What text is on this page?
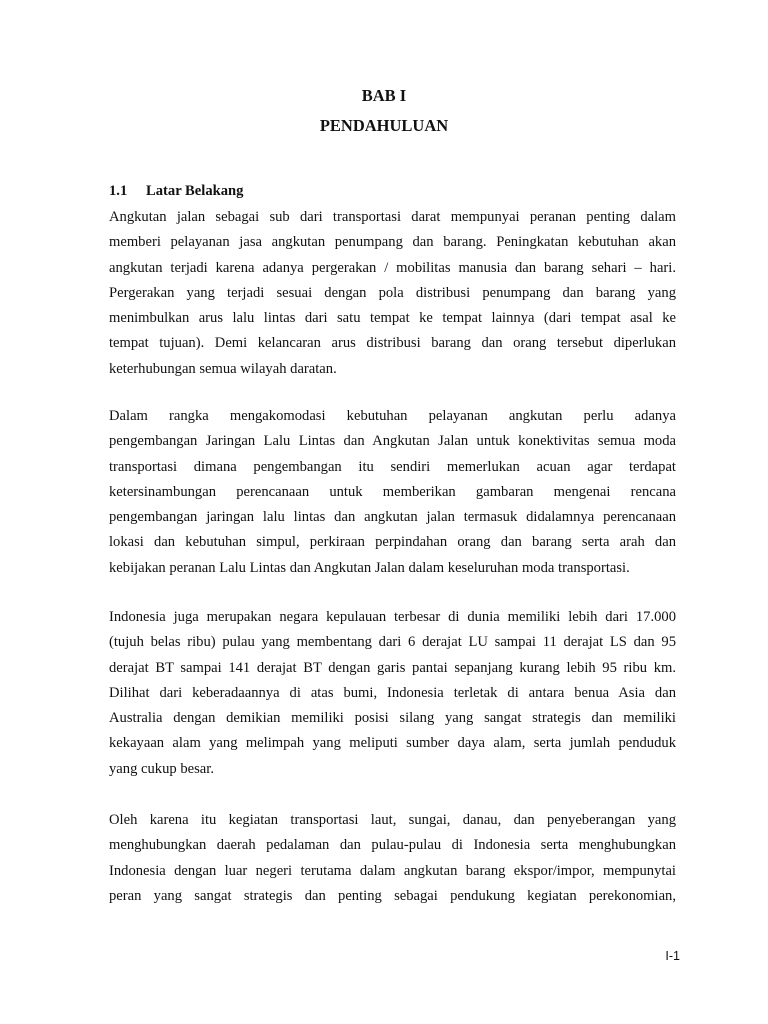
BAB I
PENDAHULUAN
1.1 Latar Belakang
Angkutan jalan sebagai sub dari transportasi darat mempunyai peranan penting dalam
memberi pelayanan jasa angkutan penumpang dan barang. Peningkatan kebutuhan akan
angkutan terjadi karena adanya pergerakan / mobilitas manusia dan barang sehari – hari.
Pergerakan yang terjadi sesuai dengan pola distribusi penumpang dan barang yang
menimbulkan arus lalu lintas dari satu tempat ke tempat lainnya (dari tempat asal ke
tempat tujuan). Demi kelancaran arus distribusi barang dan orang tersebut diperlukan
keterhubungan semua wilayah daratan.
Dalam rangka mengakomodasi kebutuhan pelayanan angkutan perlu adanya
pengembangan Jaringan Lalu Lintas dan Angkutan Jalan untuk konektivitas semua moda
transportasi dimana pengembangan itu sendiri memerlukan acuan agar terdapat
ketersinambungan perencanaan untuk memberikan gambaran mengenai rencana
pengembangan jaringan lalu lintas dan angkutan jalan termasuk didalamnya perencanaan
lokasi dan kebutuhan simpul, perkiraan perpindahan orang dan barang serta arah dan
kebijakan peranan Lalu Lintas dan Angkutan Jalan dalam keseluruhan moda transportasi.
Indonesia juga merupakan negara kepulauan terbesar di dunia memiliki lebih dari 17.000
(tujuh belas ribu) pulau yang membentang dari 6 derajat LU sampai 11 derajat LS dan 95
derajat BT sampai 141 derajat BT dengan garis pantai sepanjang kurang lebih 95 ribu km.
Dilihat dari keberadaannya di atas bumi, Indonesia terletak di antara benua Asia dan
Australia dengan demikian memiliki posisi silang yang sangat strategis dan memiliki
kekayaan alam yang melimpah yang meliputi sumber daya alam, serta jumlah penduduk
yang cukup besar.
Oleh karena itu kegiatan transportasi laut, sungai, danau, dan penyeberangan yang
menghubungkan daerah pedalaman dan pulau-pulau di Indonesia serta menghubungkan
Indonesia dengan luar negeri terutama dalam angkutan barang ekspor/impor, mempunytai
peran yang sangat strategis dan penting sebagai pendukung kegiatan perekonomian,
I-1
